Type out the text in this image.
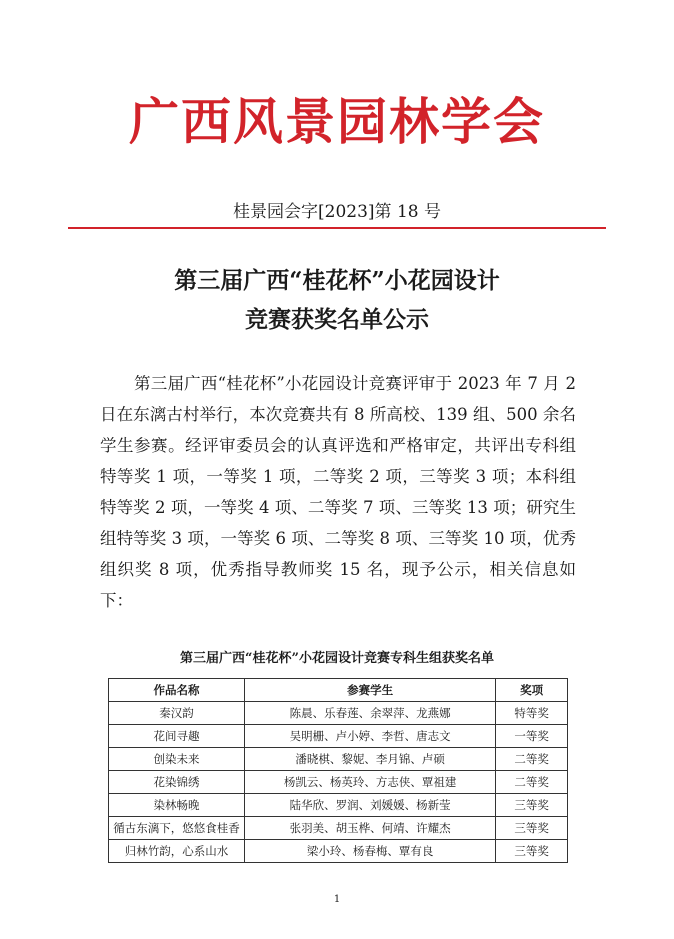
广西风景园林学会
桂景园会字[2023]第 18 号
第三届广西“桂花杯”小花园设计
竞赛获奖名单公示

第三届广西“桂花杯”小花园设计竞赛评审于 2023 年 7 月 2 日在东漓古村举行，本次竞赛共有 8 所高校、139 组、500 余名学生参赛。经评审委员会的认真评选和严格审定，共评出专科组特等奖 1 项，一等奖 1 项，二等奖 2 项，三等奖 3 项；本科组特等奖 2 项，一等奖 4 项、二等奖 7 项、三等奖 13 项；研究生组特等奖 3 项，一等奖 6 项、二等奖 8 项、三等奖 10 项，优秀组织奖 8 项，优秀指导教师奖 15 名，现予公示，相关信息如下：

第三届广西“桂花杯”小花园设计竞赛专科生组获奖名单
作品名称	参赛学生	奖项
秦汉韵	陈晨、乐春莲、余翠萍、龙燕娜	特等奖
花间寻趣	吴明栅、卢小婷、李哲、唐志文	一等奖
创染未来	潘晓棋、黎妮、李月锦、卢硕	二等奖
花染锦绣	杨凯云、杨英玲、方志侠、覃祖建	二等奖
染林畅晚	陆华欣、罗润、刘媛媛、杨新莹	三等奖
循古东漓下，悠悠食桂香	张羽美、胡玉桦、何靖、许耀杰	三等奖
归林竹韵，心系山水	梁小玲、杨春梅、覃有良	三等奖
1
